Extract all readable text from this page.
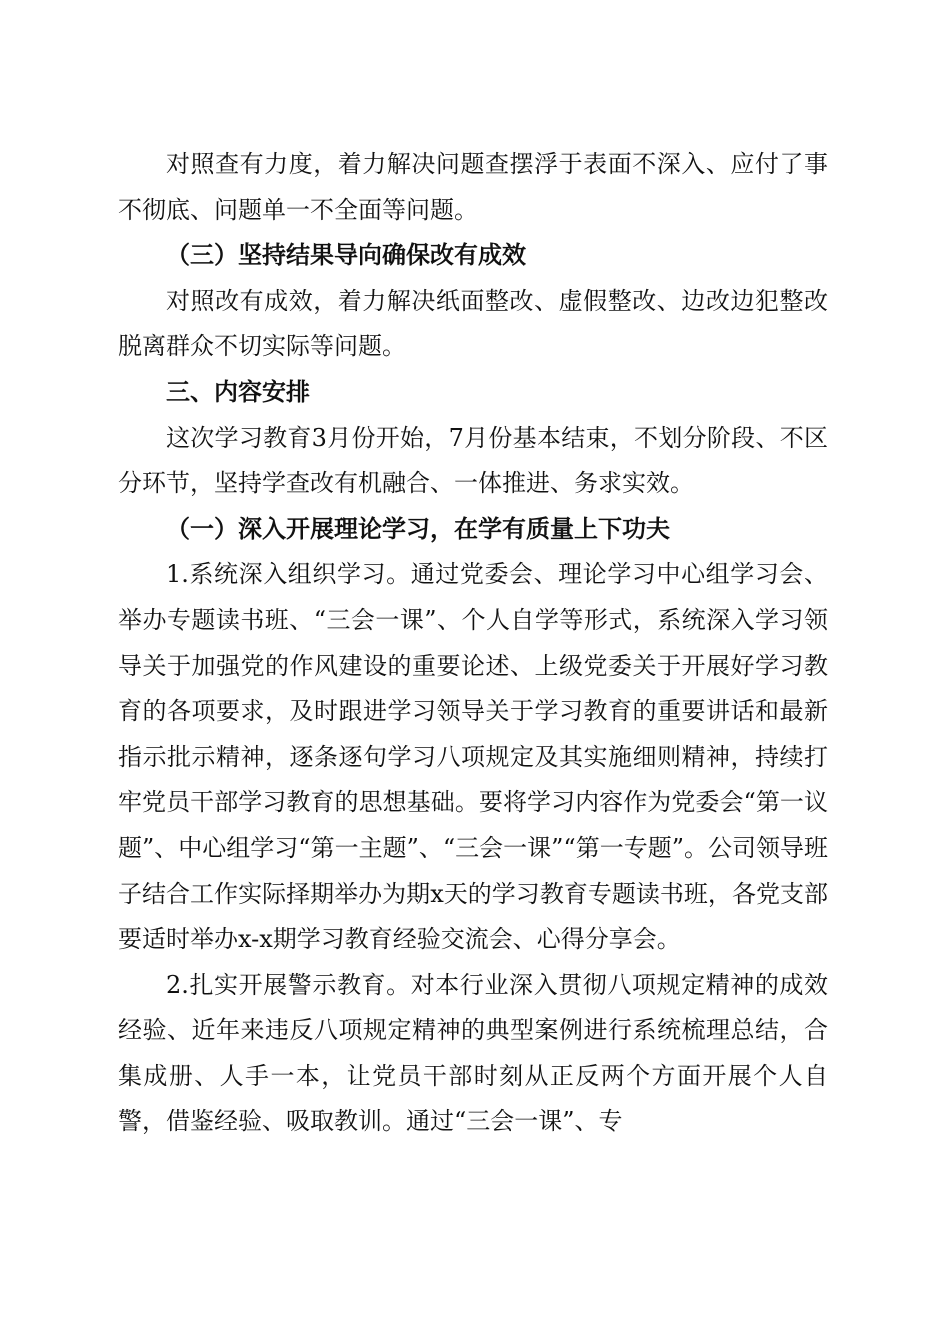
对照查有力度，着力解决问题查摆浮于表面不深入、应付了事不彻底、问题单一不全面等问题。

（三）坚持结果导向确保改有成效

对照改有成效，着力解决纸面整改、虚假整改、边改边犯整改脱离群众不切实际等问题。

三、内容安排

这次学习教育3月份开始，7月份基本结束，不划分阶段、不区分环节，坚持学查改有机融合、一体推进、务求实效。

（一）深入开展理论学习，在学有质量上下功夫

1.系统深入组织学习。通过党委会、理论学习中心组学习会、举办专题读书班、“三会一课”、个人自学等形式，系统深入学习领导关于加强党的作风建设的重要论述、上级党委关于开展好学习教育的各项要求，及时跟进学习领导关于学习教育的重要讲话和最新指示批示精神，逐条逐句学习八项规定及其实施细则精神，持续打牢党员干部学习教育的思想基础。要将学习内容作为党委会“第一议题”、中心组学习“第一主题”、“三会一课”“第一专题”。公司领导班子结合工作实际择期举办为期x天的学习教育专题读书班，各党支部要适时举办x-x期学习教育经验交流会、心得分享会。

2.扎实开展警示教育。对本行业深入贯彻八项规定精神的成效经验、近年来违反八项规定精神的典型案例进行系统梳理总结，合集成册、人手一本，让党员干部时刻从正反两个方面开展个人自警，借鉴经验、吸取教训。通过“三会一课”、专
